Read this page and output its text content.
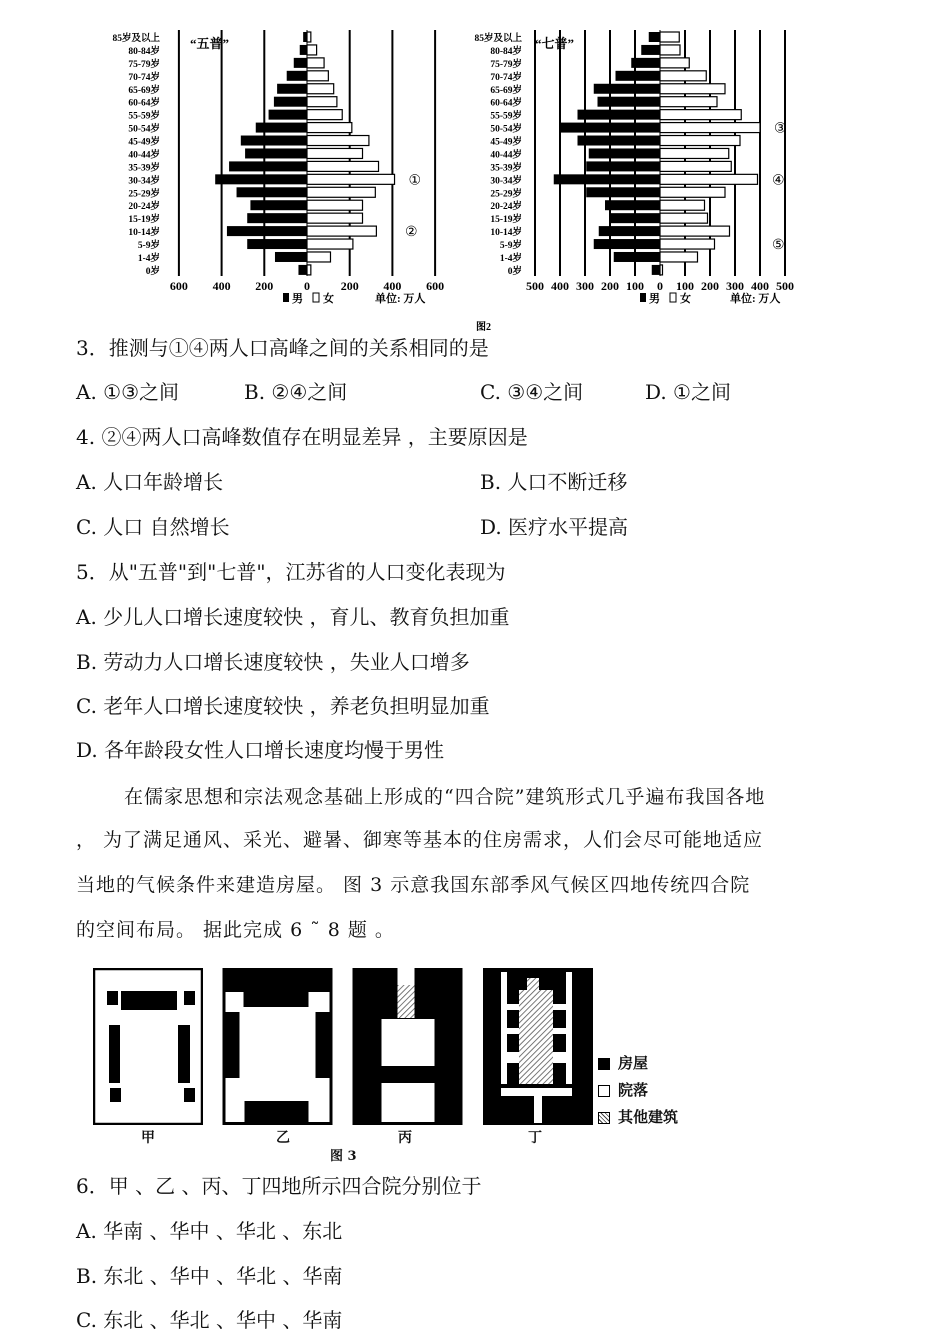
600 400 200	0	200 400 600
85岁及以上
80-84岁
75-79岁
70-74岁
65-69岁
60-64岁
55-59岁
50-54岁
45-49岁
40-44岁
35-39岁
30-34岁	①
25-29岁
20-24岁
15-19岁
10-14岁	②
5-9岁
1-4岁
0岁
男 女	单位: 万人
500 400 300 200 100 0 100 200 300 400 500
85岁及以上
80-84岁
75-79岁
70-74岁
65-69岁
60-64岁
55-59岁
50-54岁	③
45-49岁
40-44岁
35-39岁
30-34岁	④
25-29岁
20-24岁
15-19岁
10-14岁
5-9岁	⑤
1-4岁
0岁
男 女	单位: 万人
“五普”	“七普”
图2
3．推测与①④两人口高峰之间的关系相同的是
A. ①③之间	B. ②④之间	C. ③④之间	D. ①之间
4. ②④两人口高峰数值存在明显差异 ，主要原因是
A. 人口年龄增长	B. 人口不断迁移
C. 人口 自然增长	D. 医疗水平提高
5．从"五普"到"七普"，江苏省的人口变化表现为
A. 少儿人口增长速度较快 ，育儿、教育负担加重
B. 劳动力人口增长速度较快 ，失业人口增多
C. 老年人口增长速度较快 ，养老负担明显加重
D. 各年龄段女性人口增长速度均慢于男性
在儒家思想和宗法观念基础上形成的“四合院”建筑形式几乎遍布我国各地
， 为了满足通风、采光、避暑、御寒等基本的住房需求，人们会尽可能地适应
当地的气候条件来建造房屋。 图 3 示意我国东部季风气候区四地传统四合院
的空间布局。 据此完成 6 ˜ 8 题 。
房屋
院落
其他建筑
甲	乙	丙	丁
图 3
6．甲 、乙 、丙、丁四地所示四合院分别位于
A. 华南 、华中 、华北 、东北
B. 东北 、华中 、华北 、华南
C. 东北 、华北 、华中 、华南
